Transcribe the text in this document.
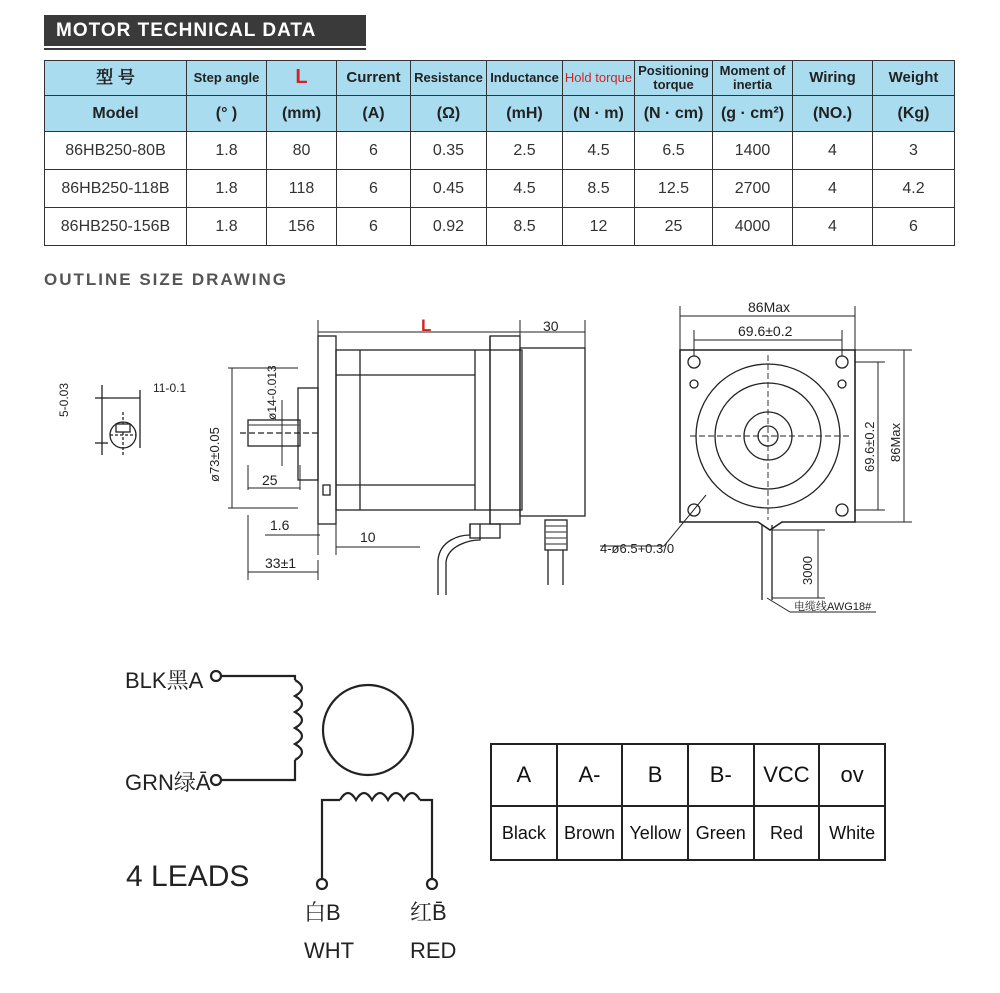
MOTOR TECHNICAL DATA
型 号	Step angle	L	Current	Resistance	Inductance	Hold torque	Positioning torque	Moment of inertia	Wiring	Weight
Model	(° )	(mm)	(A)	(Ω)	(mH)	(N · m)	(N · cm)	(g · cm²)	(NO.)	(Kg)
86HB250-80B	1.8	80	6	0.35	2.5	4.5	6.5	1400	4	3
86HB250-118B	1.8	118	6	0.45	4.5	8.5	12.5	2700	4	4.2
86HB250-156B	1.8	156	6	0.92	8.5	12	25	4000	4	6
OUTLINE SIZE DRAWING
5-0.03	11-0.1
L	30
ø14-0.013
ø73±0.05	25
1.6
10
33±1
86Max
69.6±0.2
69.6±0.2 86Max
4-ø6.5+0.3/0
3000
电缆线AWG18#
BLK黑A
GRN绿Ā
4 LEADS
白B
WHT
红B̄
RED
A	A-	B	B-	VCC	ov
Black	Brown	Yellow	Green	Red	White
